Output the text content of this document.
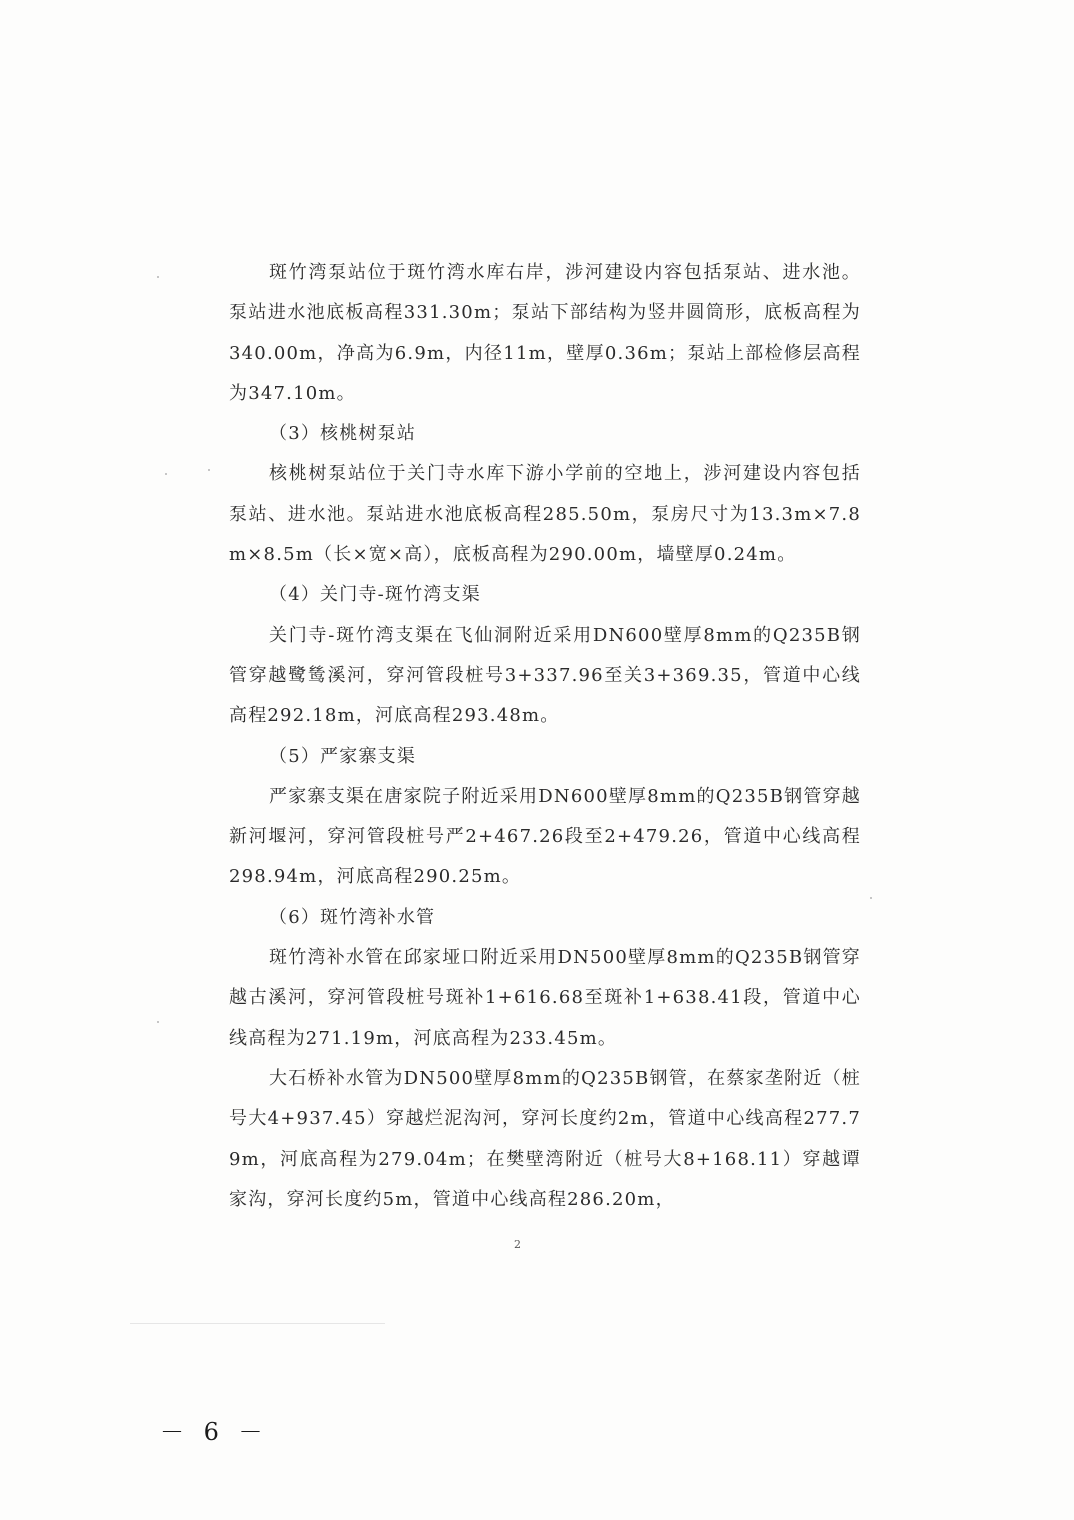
斑竹湾泵站位于斑竹湾水库右岸，涉河建设内容包括泵站、进水池。泵站进水池底板高程331.30m；泵站下部结构为竖井圆筒形，底板高程为340.00m，净高为6.9m，内径11m，壁厚0.36m；泵站上部检修层高程为347.10m。

（3）核桃树泵站

核桃树泵站位于关门寺水库下游小学前的空地上，涉河建设内容包括泵站、进水池。泵站进水池底板高程285.50m，泵房尺寸为13.3m×7.8m×8.5m（长×宽×高），底板高程为290.00m，墙壁厚0.24m。

（4）关门寺-斑竹湾支渠

关门寺-斑竹湾支渠在飞仙洞附近采用DN600壁厚8mm的Q235B钢管穿越鹭鸶溪河，穿河管段桩号3+337.96至关3+369.35，管道中心线高程292.18m，河底高程293.48m。

（5）严家寨支渠

严家寨支渠在唐家院子附近采用DN600壁厚8mm的Q235B钢管穿越新河堰河，穿河管段桩号严2+467.26段至2+479.26，管道中心线高程298.94m，河底高程290.25m。

（6）斑竹湾补水管

斑竹湾补水管在邱家垭口附近采用DN500壁厚8mm的Q235B钢管穿越古溪河，穿河管段桩号斑补1+616.68至斑补1+638.41段，管道中心线高程为271.19m，河底高程为233.45m。

大石桥补水管为DN500壁厚8mm的Q235B钢管，在蔡家垄附近（桩号大4+937.45）穿越烂泥沟河，穿河长度约2m，管道中心线高程277.79m，河底高程为279.04m；在樊壁湾附近（桩号大8+168.11）穿越谭家沟，穿河长度约5m，管道中心线高程286.20m，

2
－ 6 －
